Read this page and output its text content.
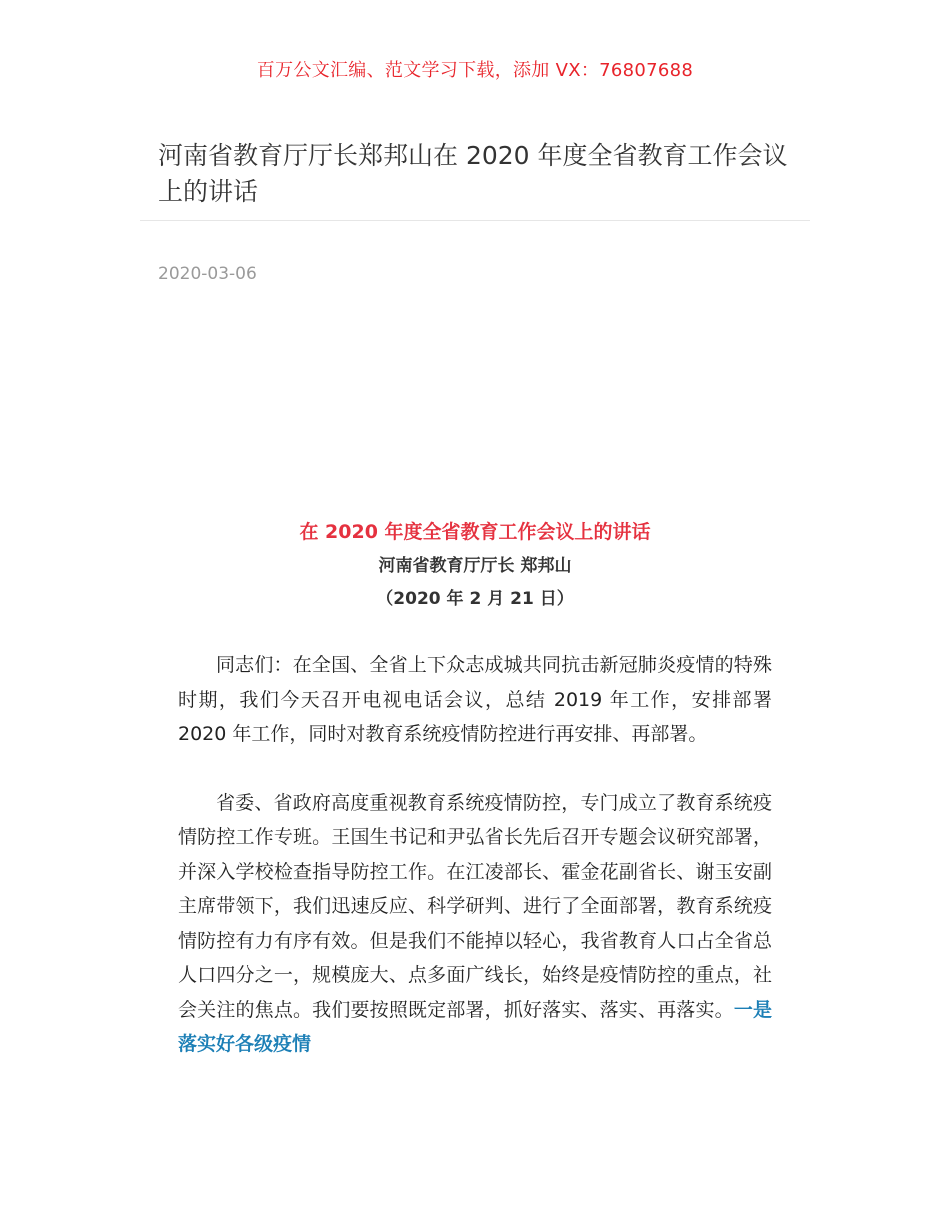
百万公文汇编、范文学习下载，添加 VX：76807688
河南省教育厅厅长郑邦山在 2020 年度全省教育工作会议上的讲话
2020-03-06
在 2020 年度全省教育工作会议上的讲话
河南省教育厅厅长 郑邦山
（2020 年 2 月 21 日）

同志们：在全国、全省上下众志成城共同抗击新冠肺炎疫情的特殊时期，我们今天召开电视电话会议，总结 2019 年工作，安排部署 2020 年工作，同时对教育系统疫情防控进行再安排、再部署。

省委、省政府高度重视教育系统疫情防控，专门成立了教育系统疫情防控工作专班。王国生书记和尹弘省长先后召开专题会议研究部署，并深入学校检查指导防控工作。在江凌部长、霍金花副省长、谢玉安副主席带领下，我们迅速反应、科学研判、进行了全面部署，教育系统疫情防控有力有序有效。但是我们不能掉以轻心，我省教育人口占全省总人口四分之一，规模庞大、点多面广线长，始终是疫情防控的重点，社会关注的焦点。我们要按照既定部署，抓好落实、落实、再落实。一是落实好各级疫情
